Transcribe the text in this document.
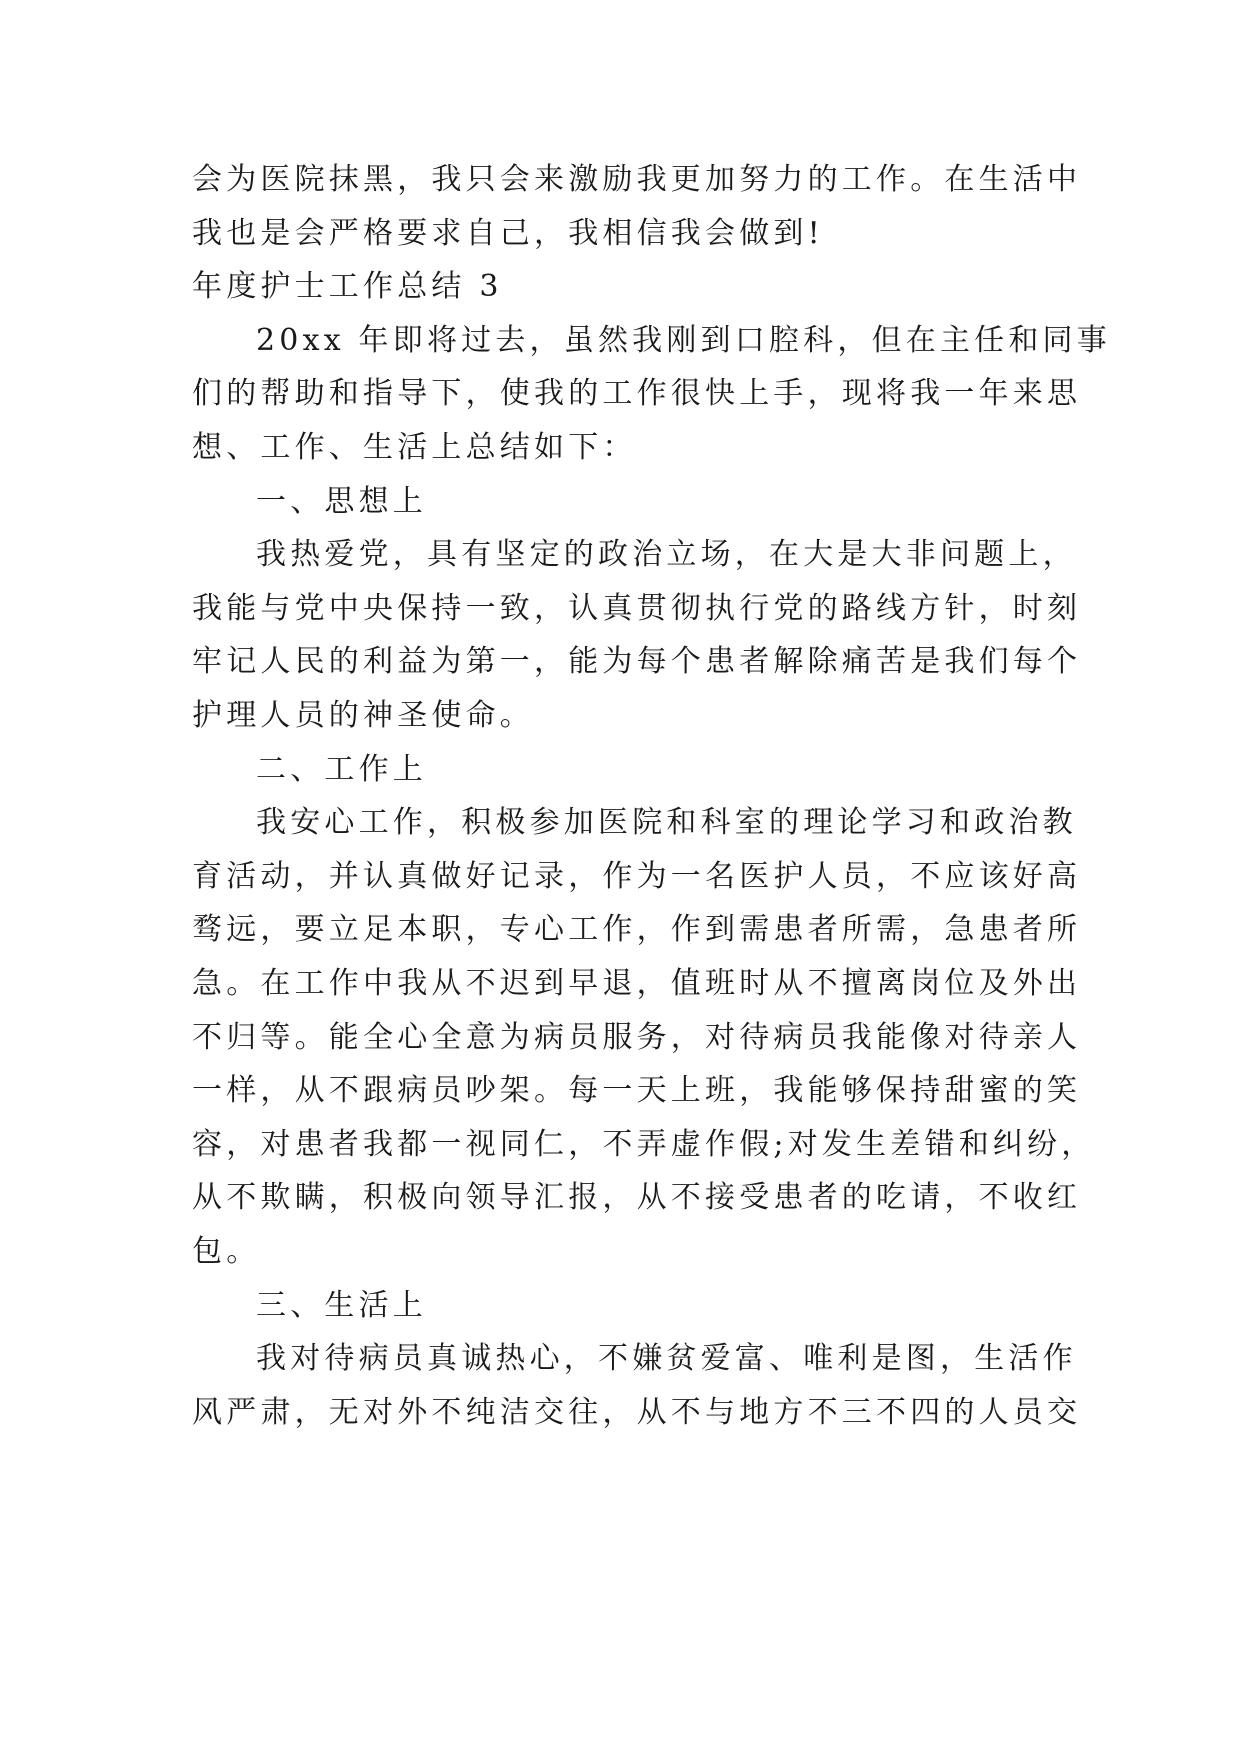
会为医院抹黑，我只会来激励我更加努力的工作。在生活中
我也是会严格要求自己，我相信我会做到!
年度护士工作总结 3
20xx 年即将过去，虽然我刚到口腔科，但在主任和同事
们的帮助和指导下，使我的工作很快上手，现将我一年来思
想、工作、生活上总结如下：
一、思想上
我热爱党，具有坚定的政治立场，在大是大非问题上，
我能与党中央保持一致，认真贯彻执行党的路线方针，时刻
牢记人民的利益为第一，能为每个患者解除痛苦是我们每个
护理人员的神圣使命。
二、工作上
我安心工作，积极参加医院和科室的理论学习和政治教
育活动，并认真做好记录，作为一名医护人员，不应该好高
骛远，要立足本职，专心工作，作到需患者所需，急患者所
急。在工作中我从不迟到早退，值班时从不擅离岗位及外出
不归等。能全心全意为病员服务，对待病员我能像对待亲人
一样，从不跟病员吵架。每一天上班，我能够保持甜蜜的笑
容，对患者我都一视同仁，不弄虚作假;对发生差错和纠纷，
从不欺瞒，积极向领导汇报，从不接受患者的吃请，不收红
包。
三、生活上
我对待病员真诚热心，不嫌贫爱富、唯利是图，生活作
风严肃，无对外不纯洁交往，从不与地方不三不四的人员交
